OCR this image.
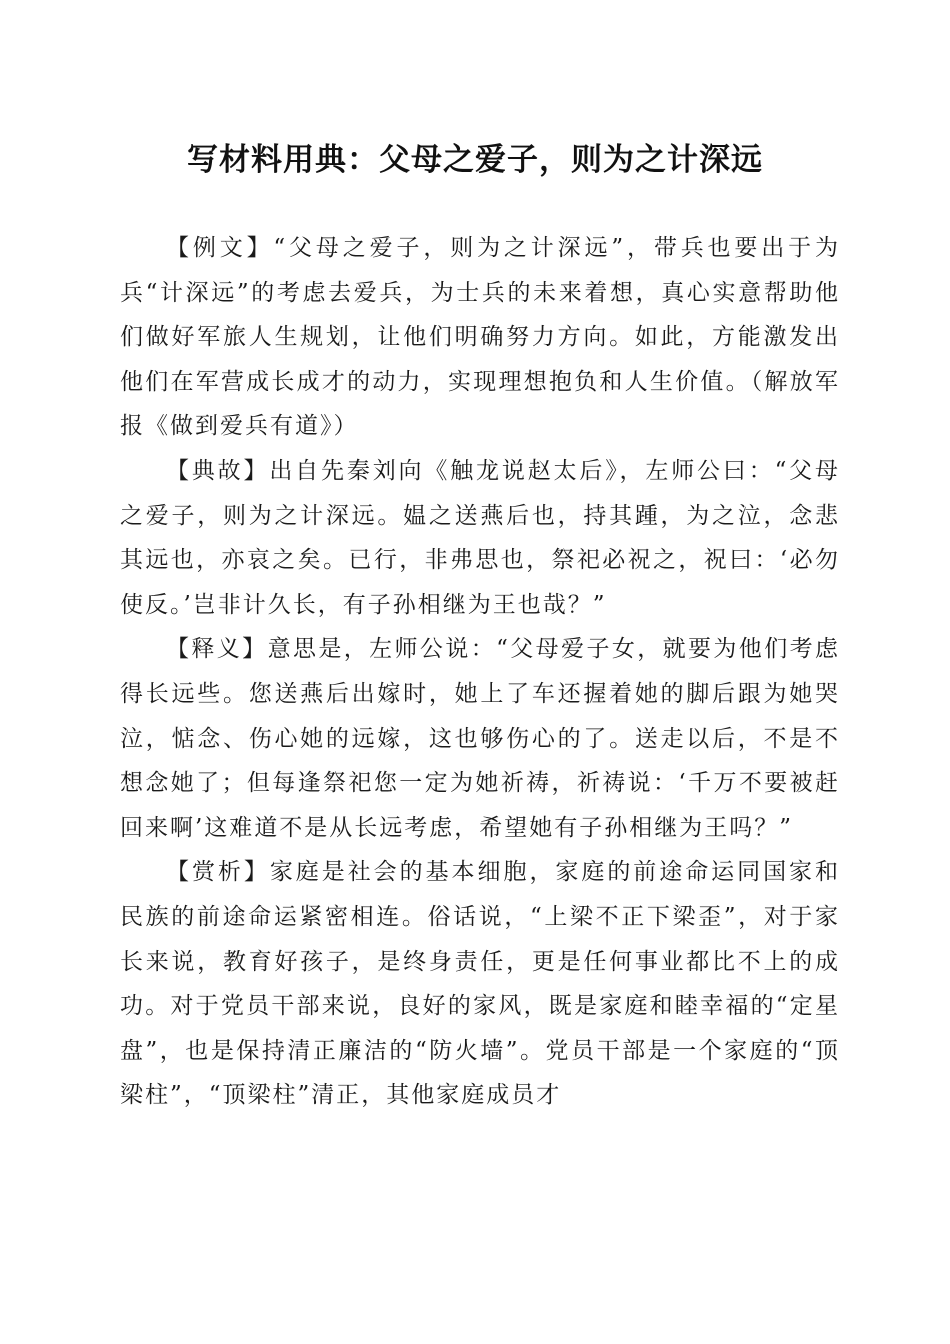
写材料用典：父母之爱子，则为之计深远

【例文】“父母之爱子，则为之计深远”，带兵也要出于为兵“计深远”的考虑去爱兵，为士兵的未来着想，真心实意帮助他们做好军旅人生规划，让他们明确努力方向。如此，方能激发出他们在军营成长成才的动力，实现理想抱负和人生价值。（解放军报《做到爱兵有道》）

【典故】出自先秦刘向《触龙说赵太后》，左师公曰：“父母之爱子，则为之计深远。媪之送燕后也，持其踵，为之泣，念悲其远也，亦哀之矣。已行，非弗思也，祭祀必祝之，祝曰：‘必勿使反。’岂非计久长，有子孙相继为王也哉？”

【释义】意思是，左师公说：“父母爱子女，就要为他们考虑得长远些。您送燕后出嫁时，她上了车还握着她的脚后跟为她哭泣，惦念、伤心她的远嫁，这也够伤心的了。送走以后，不是不想念她了；但每逢祭祀您一定为她祈祷，祈祷说：‘千万不要被赶回来啊’这难道不是从长远考虑，希望她有子孙相继为王吗？”

【赏析】家庭是社会的基本细胞，家庭的前途命运同国家和民族的前途命运紧密相连。俗话说，“上梁不正下梁歪”，对于家长来说，教育好孩子，是终身责任，更是任何事业都比不上的成功。对于党员干部来说，良好的家风，既是家庭和睦幸福的“定星盘”，也是保持清正廉洁的“防火墙”。党员干部是一个家庭的“顶梁柱”，“顶梁柱”清正，其他家庭成员才
